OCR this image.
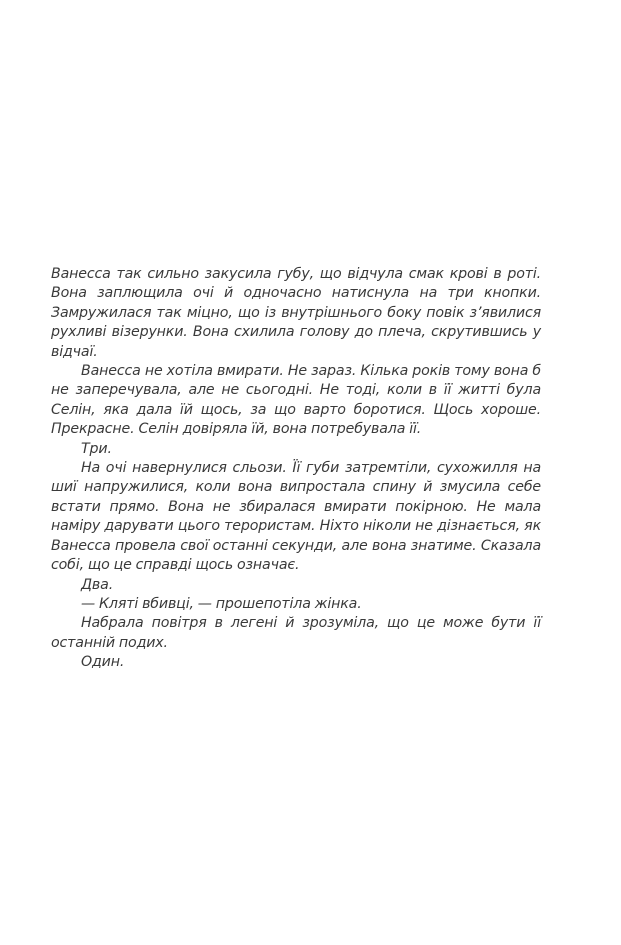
Ванесса так сильно закусила губу, що відчула смак крові в роті. Вона заплющила очі й одночасно натиснула на три кнопки. Замружилася так міцно, що із внутрішнього боку повік з’явилися рухливі візерунки. Вона схилила голову до плеча, скрутившись у відчаї.

Ванесса не хотіла вмирати. Не зараз. Кілька років тому вона б не заперечувала, але не сьогодні. Не тоді, коли в її житті була Селін, яка дала їй щось, за що варто боротися. Щось хороше. Прекрасне. Селін довіряла їй, вона потребувала її.

Три.

На очі навернулися сльози. Її губи затремтіли, сухожилля на шиї напружилися, коли вона випростала спину й змусила себе встати прямо. Вона не збиралася вмирати покірною. Не мала наміру дарувати цього терористам. Ніхто ніколи не дізнається, як Ванесса провела свої останні секунди, але вона знатиме. Сказала собі, що це справді щось означає.

Два.

— Кляті вбивці, — прошепотіла жінка.

Набрала повітря в легені й зрозуміла, що це може бути її останній подих.

Один.
